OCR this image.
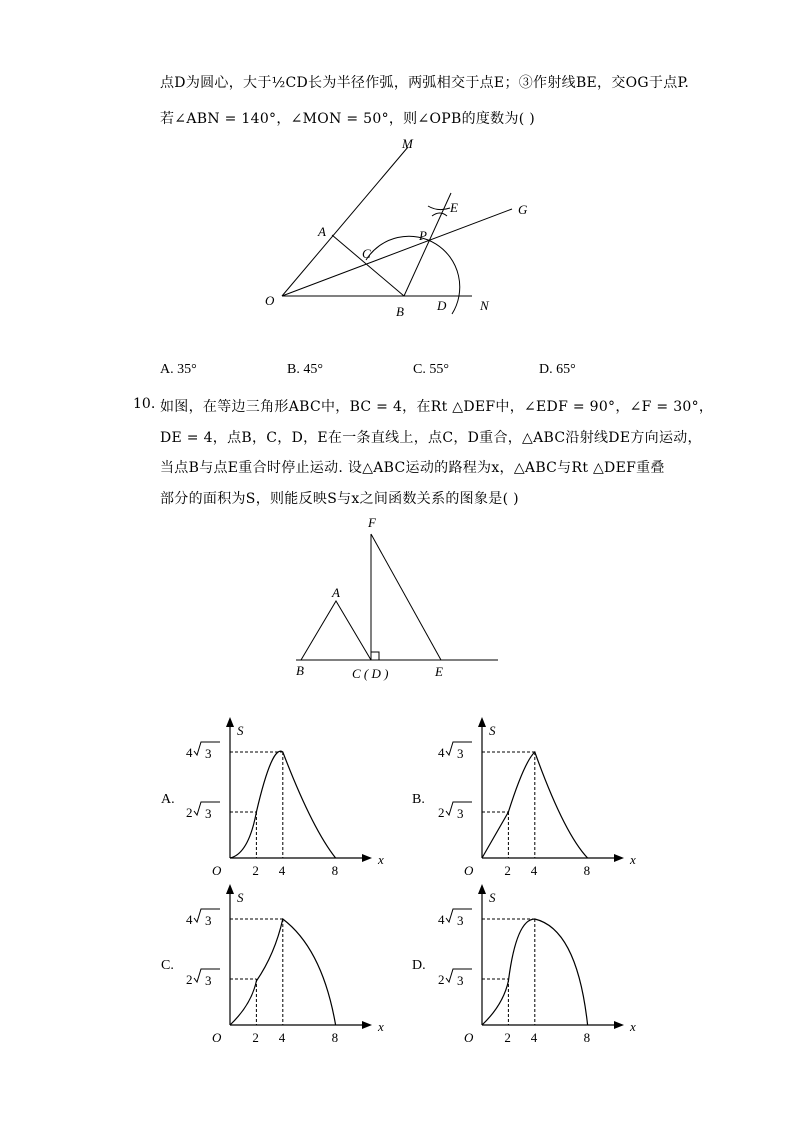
点D为圆心，大于½CD长为半径作弧，两弧相交于点E；③作射线BE，交OG于点P.
若∠ABN = 140°，∠MON = 50°，则∠OPB的度数为( )
M
A
C
P
E	G
O
B	D	N
A. 35°	B. 45°	C. 55°	D. 65°
10. 如图，在等边三角形ABC中，BC = 4，在Rt △DEF中，∠EDF = 90°，∠F = 30°，
DE = 4，点B，C，D，E在一条直线上，点C，D重合，△ABC沿射线DE方向运动，
当点B与点E重合时停止运动. 设△ABC运动的路程为x，△ABC与Rt △DEF重叠
部分的面积为S，则能反映S与x之间函数关系的图象是( )
F
A
B	C ( D )	E
A.	B.
C.	D.
S
x
O 2 4	8
4 3
2 3
S
x
O 2 4	8
4 3
2 3
S
x
O 2 4	8
4 3
2 3
S
x
O 2 4	8
4 3
2 3
